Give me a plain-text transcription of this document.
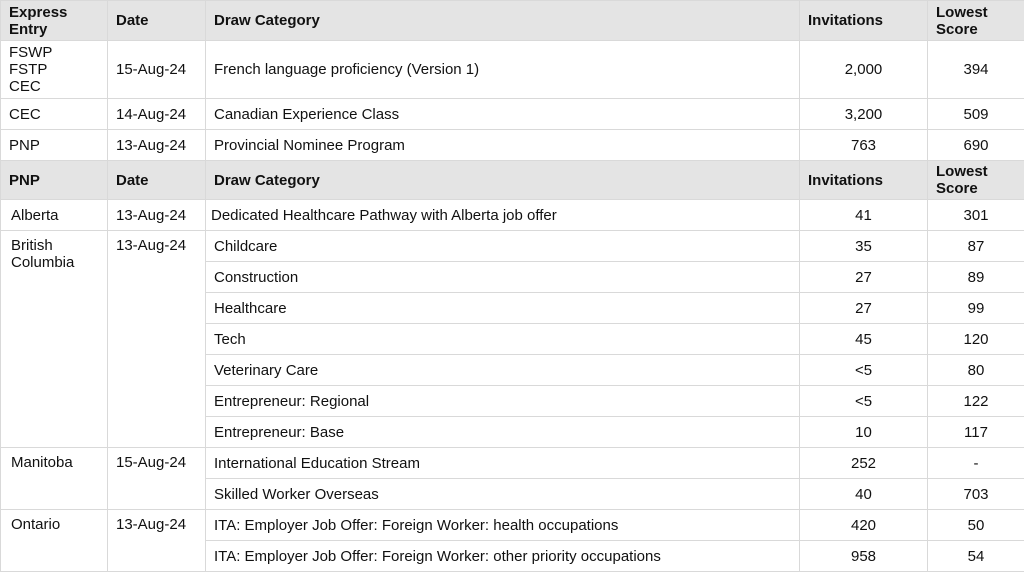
Express Entry	Date	Draw Category	Invitations	Lowest Score
FSWP
FSTP
CEC	15-Aug-24	French language proficiency (Version 1)	2,000	394
CEC	14-Aug-24	Canadian Experience Class	3,200	509
PNP	13-Aug-24	Provincial Nominee Program	763	690
PNP	Date	Draw Category	Invitations	Lowest Score
Alberta	13-Aug-24	Dedicated Healthcare Pathway with Alberta job offer	41	301
British Columbia	13-Aug-24	Childcare	35	87
		Construction	27	89
		Healthcare	27	99
		Tech	45	120
		Veterinary Care	<5	80
		Entrepreneur: Regional	<5	122
		Entrepreneur: Base	10	117
Manitoba	15-Aug-24	International Education Stream	252	-
		Skilled Worker Overseas	40	703
Ontario	13-Aug-24	ITA: Employer Job Offer: Foreign Worker: health occupations	420	50
		ITA: Employer Job Offer: Foreign Worker: other priority occupations	958	54
